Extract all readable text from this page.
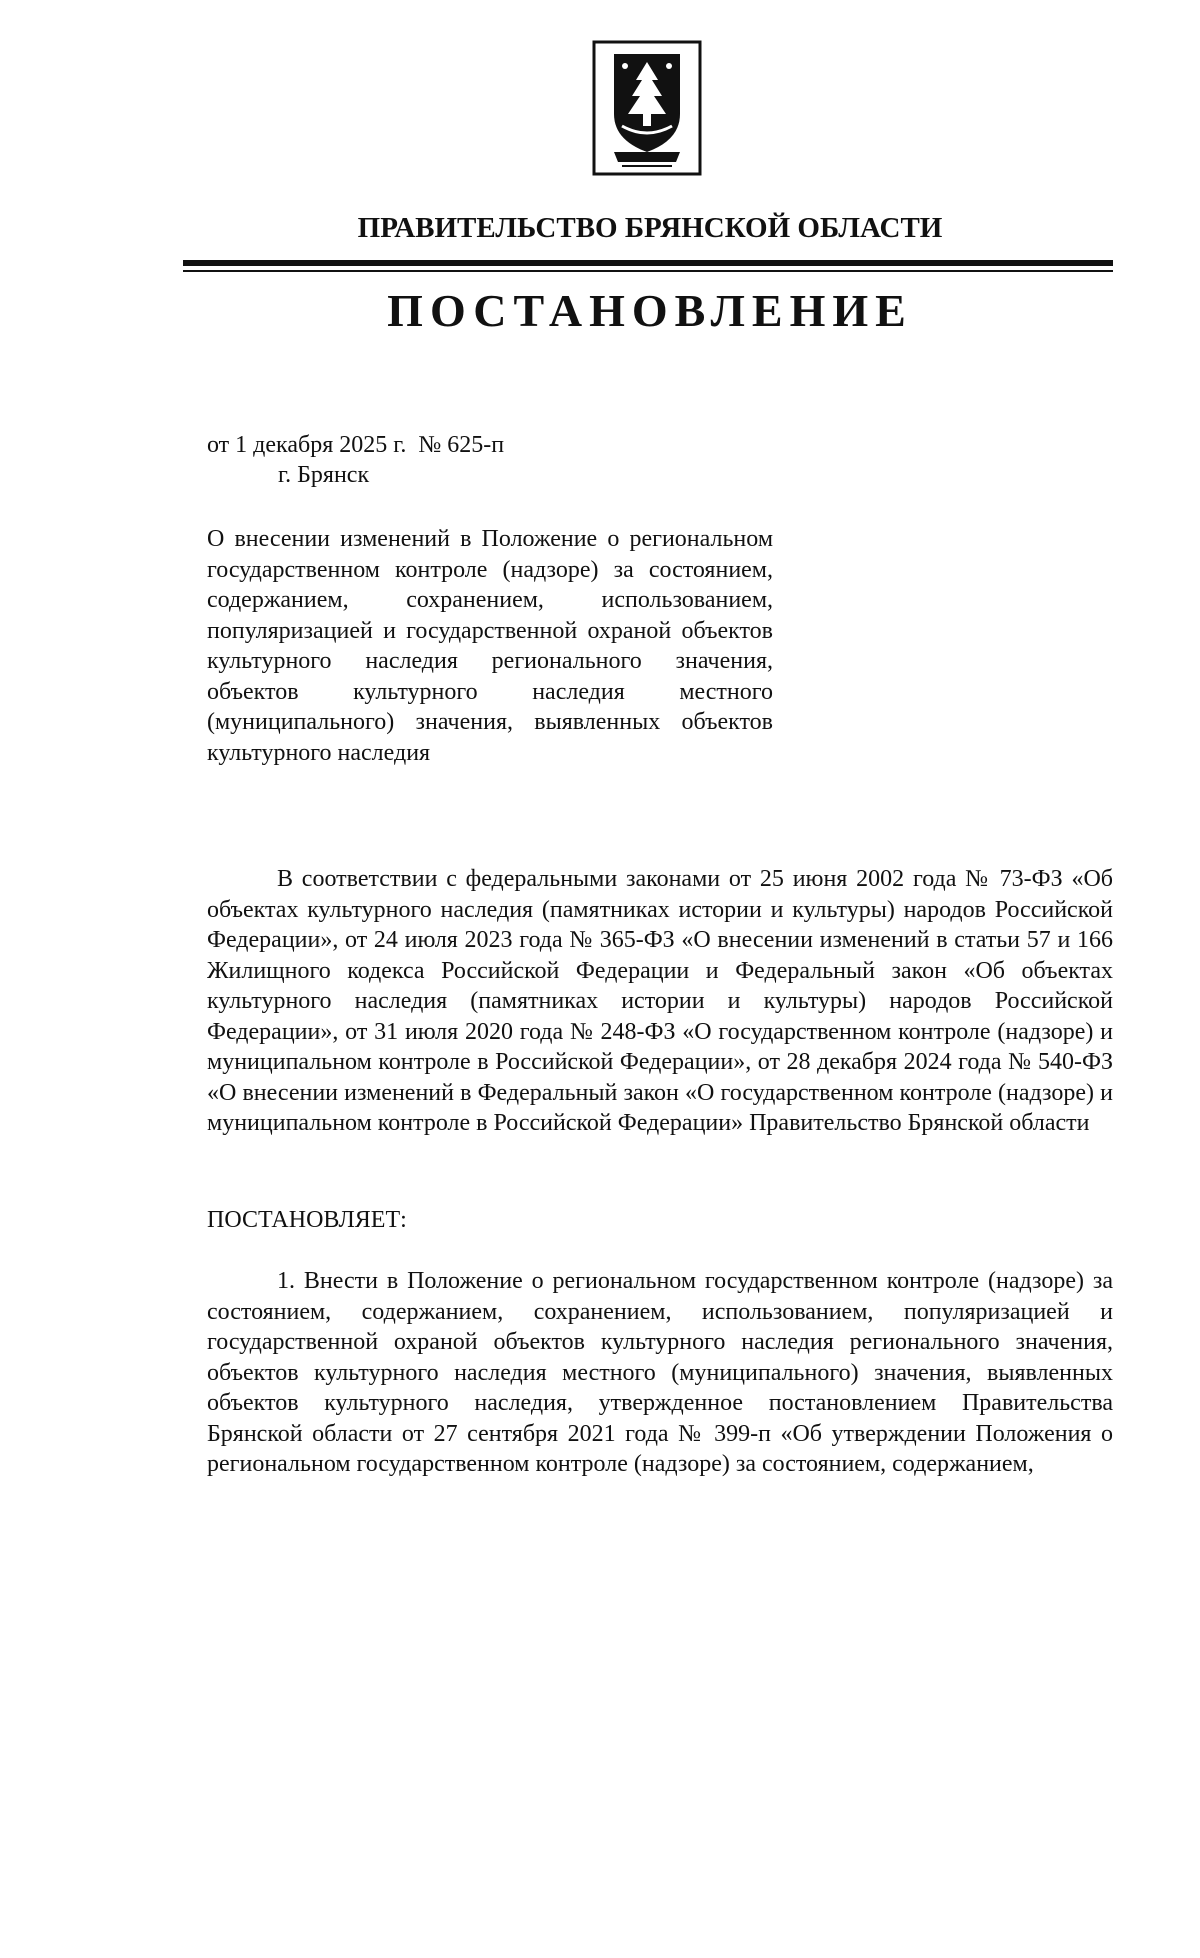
ПРАВИТЕЛЬСТВО БРЯНСКОЙ ОБЛАСТИ
ПОСТАНОВЛЕНИЕ
от 1 декабря 2025 г. № 625-п
г. Брянск
О внесении изменений в Положение о региональном государственном контроле (надзоре) за состоянием, содержанием, сохранением, использованием, популяризацией и государственной охраной объектов культурного наследия регионального значения, объектов культурного наследия местного (муниципального) значения, выявленных объектов культурного наследия

В соответствии с федеральными законами от 25 июня 2002 года № 73-ФЗ «Об объектах культурного наследия (памятниках истории и культуры) народов Российской Федерации», от 24 июля 2023 года № 365-ФЗ «О внесении изменений в статьи 57 и 166 Жилищного кодекса Российской Федерации и Федеральный закон «Об объектах культурного наследия (памятниках истории и культуры) народов Российской Федерации», от 31 июля 2020 года № 248-ФЗ «О государственном контроле (надзоре) и муниципальном контроле в Российской Федерации», от 28 декабря 2024 года № 540-ФЗ «О внесении изменений в Федеральный закон «О государственном контроле (надзоре) и муниципальном контроле в Российской Федерации» Правительство Брянской области

ПОСТАНОВЛЯЕТ:

1. Внести в Положение о региональном государственном контроле (надзоре) за состоянием, содержанием, сохранением, использованием, популяризацией и государственной охраной объектов культурного наследия регионального значения, объектов культурного наследия местного (муниципального) значения, выявленных объектов культурного наследия, утвержденное постановлением Правительства Брянской области от 27 сентября 2021 года № 399-п «Об утверждении Положения о региональном государственном контроле (надзоре) за состоянием, содержанием,
